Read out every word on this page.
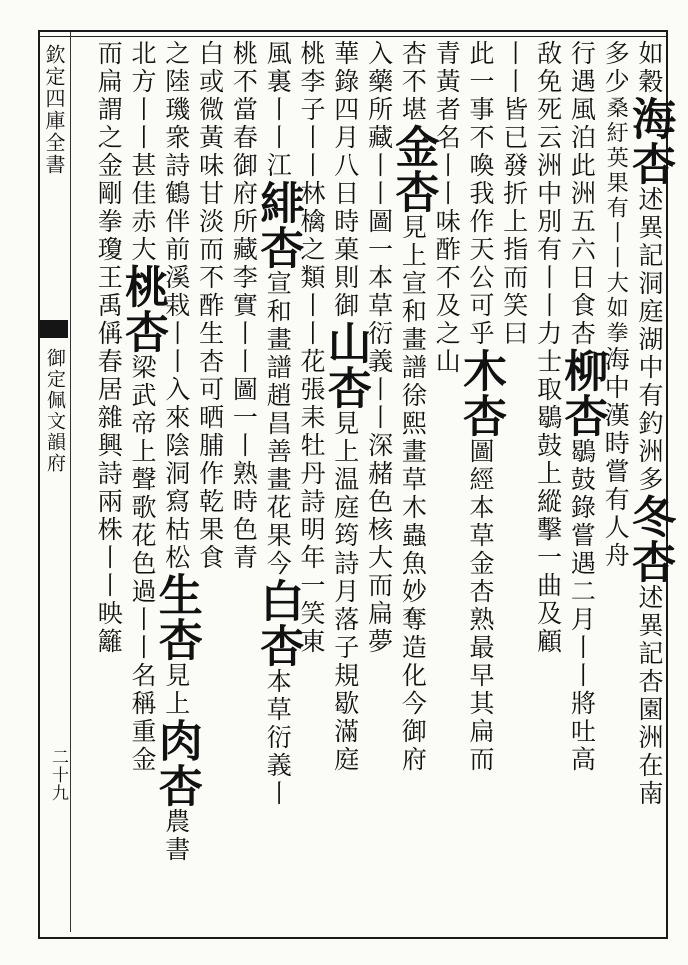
欽定四庫全書
御定佩文韻府
二十九
如穀海杏述異記洞庭湖中有釣洲多冬杏述異記杏園洲在南
多少桑紆英果有丨丨大如拳海中漢時嘗有人舟
行遇風泊此洲五六日食杏柳杏鶡鼓錄嘗遇二月丨丨將吐高
敌免死云洲中別有丨丨力士取鶡鼓上縱擊一曲及顧
丨丨皆已發折上指而笑曰
此一事不喚我作天公可乎木杏圖經本草金杏熟最早其扁而
青黃者名丨丨味酢不及之山
杏不堪金杏見上宣和畫譜徐熙畫草木蟲魚妙奪造化今御府
入藥所藏丨丨圖一本草衍義丨丨深赭色核大而扁夢
華錄四月八日時菓則御山杏見上温庭筠詩月落子規歇滿庭
桃李子丨丨林檎之類丨丨花張耒牡丹詩明年一笑東
風裏丨丨江緋杏宣和畫譜趙昌善畫花果今白杏本草衍義丨
桃不當春御府所藏李實丨丨圖一丨熟時色青
白或微黃味甘淡而不酢生杏可晒脯作乾果食
之陸璣衆詩鶴伴前溪栽丨丨入來陰洞寫枯松生杏見上肉杏農書
北方丨丨甚佳赤大桃杏梁武帝上聲歌花色過丨丨名稱重金
而扁謂之金剛拳瓊王禹偁春居雜興詩兩株丨丨映籬
